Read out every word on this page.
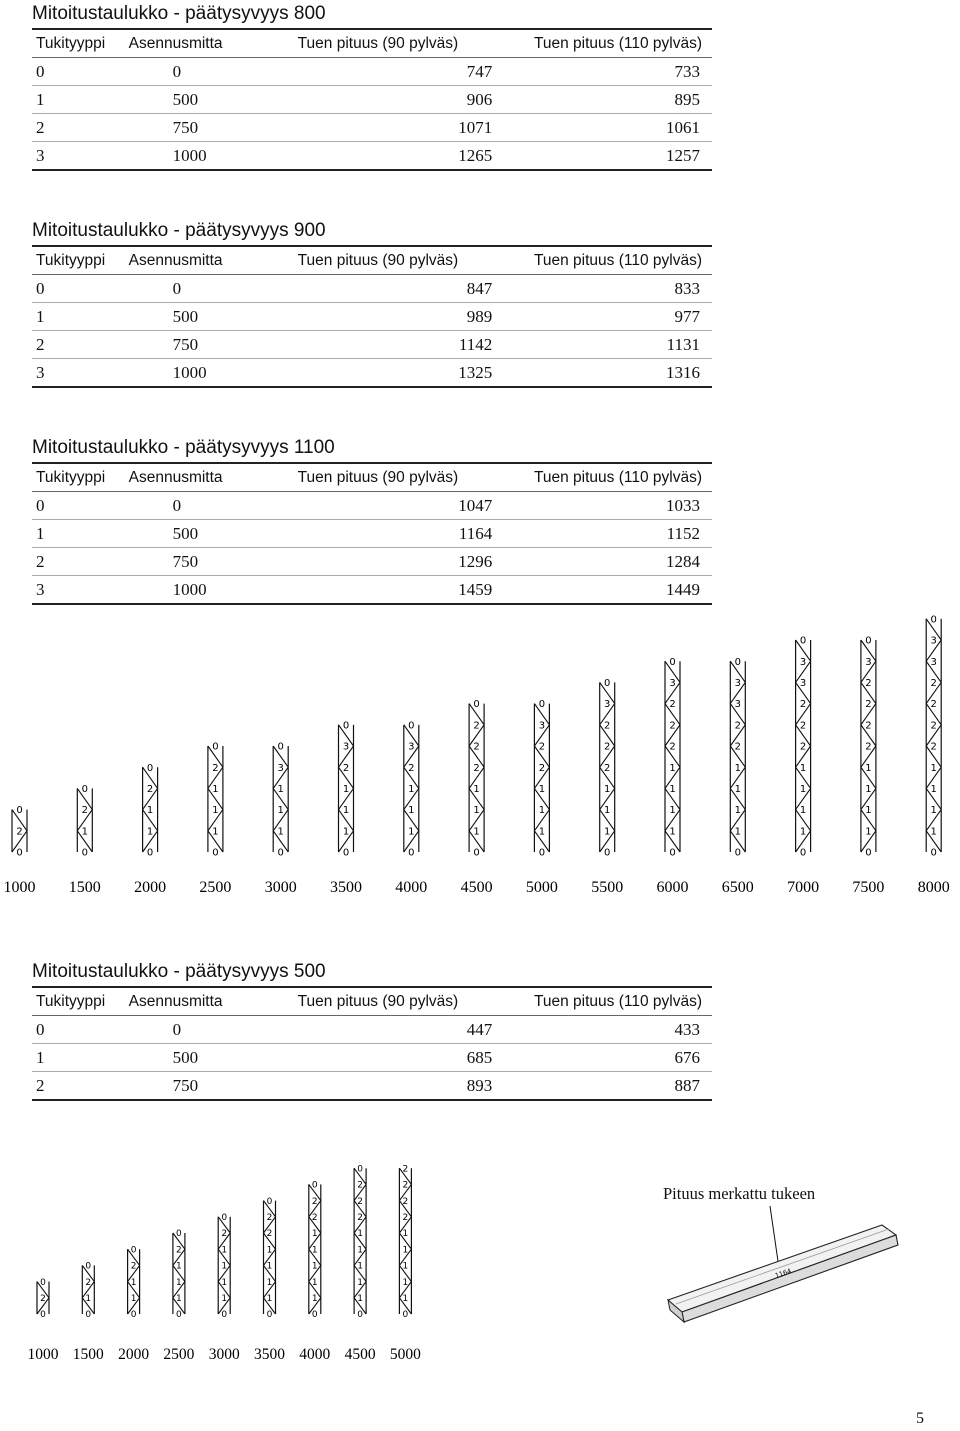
Mitoitustaulukko - päätysyvyys 800
Tukityyppi	Asennusmitta	Tuen pituus (90 pylväs)	Tuen pituus (110 pylväs)
0	0	747	733
1	500	906	895
2	750	1071	1061
3	1000	1265	1257
Mitoitustaulukko - päätysyvyys 900
Tukityyppi	Asennusmitta	Tuen pituus (90 pylväs)	Tuen pituus (110 pylväs)
0	0	847	833
1	500	989	977
2	750	1142	1131
3	1000	1325	1316
Mitoitustaulukko - päätysyvyys 1100
Tukityyppi	Asennusmitta	Tuen pituus (90 pylväs)	Tuen pituus (110 pylväs)
0	0	1047	1033
1	500	1164	1152
2	750	1296	1284
3	1000	1459	1449
Mitoitustaulukko - päätysyvyys 500
Tukityyppi	Asennusmitta	Tuen pituus (90 pylväs)	Tuen pituus (110 pylväs)
0	0	447	433
1	500	685	676
2	750	893	887
0
2
0
1000
0
2
1
0
1500
0
2
1
1
0
2000
0
2
1
1
1
0
2500
0
3
1
1
1
0
3000
0
3
2
1
1
1
0
3500
0
3
2
1
1
1
0
4000
0
2
2
2
1
1
1
0
4500
0
3
2
2
1
1
1
0
5000
0
3
2
2
2
1
1
1
0
5500
0
3
2
2
2
1
1
1
1
0
6000
0
3
3
2
2
1
1
1
1
0
6500
0
3
3
2
2
2
1
1
1
1
0
7000
0
3
2
2
2
2
1
1
1
1
0
7500
0
3
3
2
2
2
2
1
1
1
1
0
8000
0
2
0
1000
0
2
1
0
1500
0
2
1
1
0
2000
0
2
1
1
1
0
2500
0
2
1
1
1
1
0
3000
0
2
2
1
1
1
1
0
3500
0
2
2
1
1
1
1
1
0
4000
0
2
2
2
1
1
1
1
1
0
4500
2
2
2
2
1
1
1
1
1
0
5000
1164
Pituus merkattu tukeen
5
